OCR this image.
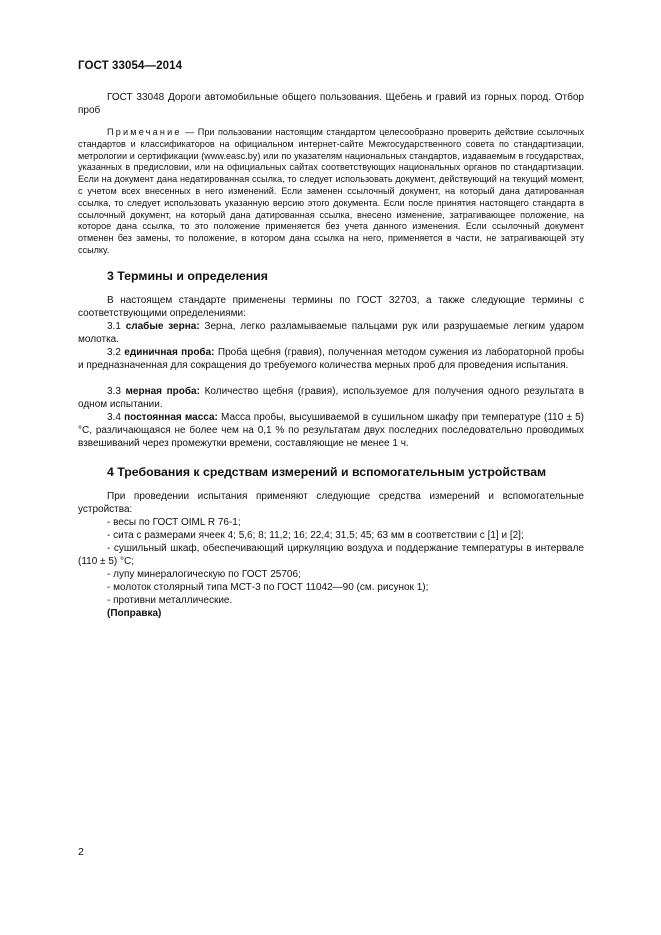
ГОСТ 33054—2014

ГОСТ 33048 Дороги автомобильные общего пользования. Щебень и гравий из горных пород. Отбор проб

Примечание — При пользовании настоящим стандартом целесообразно проверить действие ссылочных стандартов и классификаторов на официальном интернет-сайте Межгосударственного совета по стандартизации, метрологии и сертификации (www.easc.by) или по указателям национальных стандартов, издаваемым в государствах, указанных в предисловии, или на официальных сайтах соответствующих национальных органов по стандартизации. Если на документ дана недатированная ссылка, то следует использовать документ, действующий на текущий момент, с учетом всех внесенных в него изменений. Если заменен ссылочный документ, на который дана датированная ссылка, то следует использовать указанную версию этого документа. Если после принятия настоящего стандарта в ссылочный документ, на который дана датированная ссылка, внесено изменение, затрагивающее положение, на которое дана ссылка, то это положение применяется без учета данного изменения. Если ссылочный документ отменен без замены, то положение, в котором дана ссылка на него, применяется в части, не затрагивающей эту ссылку.

3 Термины и определения

В настоящем стандарте применены термины по ГОСТ 32703, а также следующие термины с соответствующими определениями:

3.1 слабые зерна: Зерна, легко разламываемые пальцами рук или разрушаемые легким ударом молотка.

3.2 единичная проба: Проба щебня (гравия), полученная методом сужения из лабораторной пробы и предназначенная для сокращения до требуемого количества мерных проб для проведения испытания.

3.3 мерная проба: Количество щебня (гравия), используемое для получения одного результата в одном испытании.

3.4 постоянная масса: Масса пробы, высушиваемой в сушильном шкафу при температуре (110 ± 5) °С, различающаяся не более чем на 0,1 % по результатам двух последних последовательно проводимых взвешиваний через промежутки времени, составляющие не менее 1 ч.

4 Требования к средствам измерений и вспомогательным устройствам

При проведении испытания применяют следующие средства измерений и вспомогательные устройства:

- весы по ГОСТ OIML R 76-1;
- сита с размерами ячеек 4; 5,6; 8; 11,2; 16; 22,4; 31,5; 45; 63 мм в соответствии с [1] и [2];

- сушильный шкаф, обеспечивающий циркуляцию воздуха и поддержание температуры в интервале (110 ± 5) °С;

- лупу минералогическую по ГОСТ 25706;
- молоток столярный типа МСТ-3 по ГОСТ 11042—90 (см. рисунок 1);
- противни металлические.
(Поправка)
2
